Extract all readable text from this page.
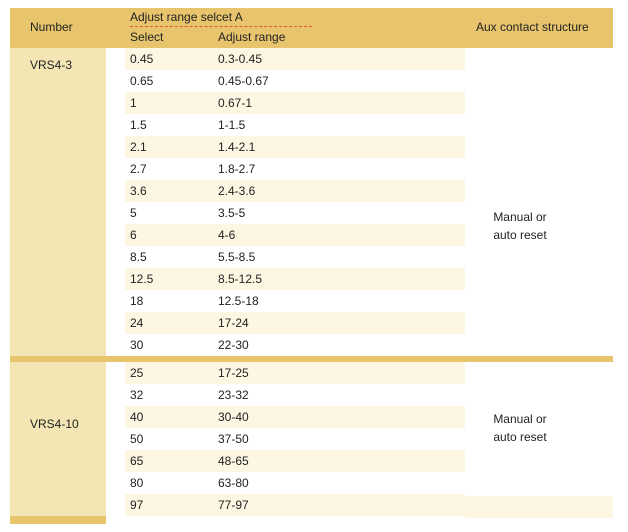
Number
Adjust range selcet A
Select	Adjust range
Aux contact structure
VRS4-3	0.45	0.3-0.45
0.65	0.45-0.67
1	0.67-1
1.5	1-1.5
2.1	1.4-2.1
2.7	1.8-2.7
3.6	2.4-3.6
5	3.5-5
6	4-6
8.5	5.5-8.5
12.5	8.5-12.5
18	12.5-18
24	17-24
30	22-30
Manual or
auto reset
VRS4-10
25	17-25
32	23-32
40	30-40
50	37-50
65	48-65
80	63-80
97	77-97
Manual or
auto reset
